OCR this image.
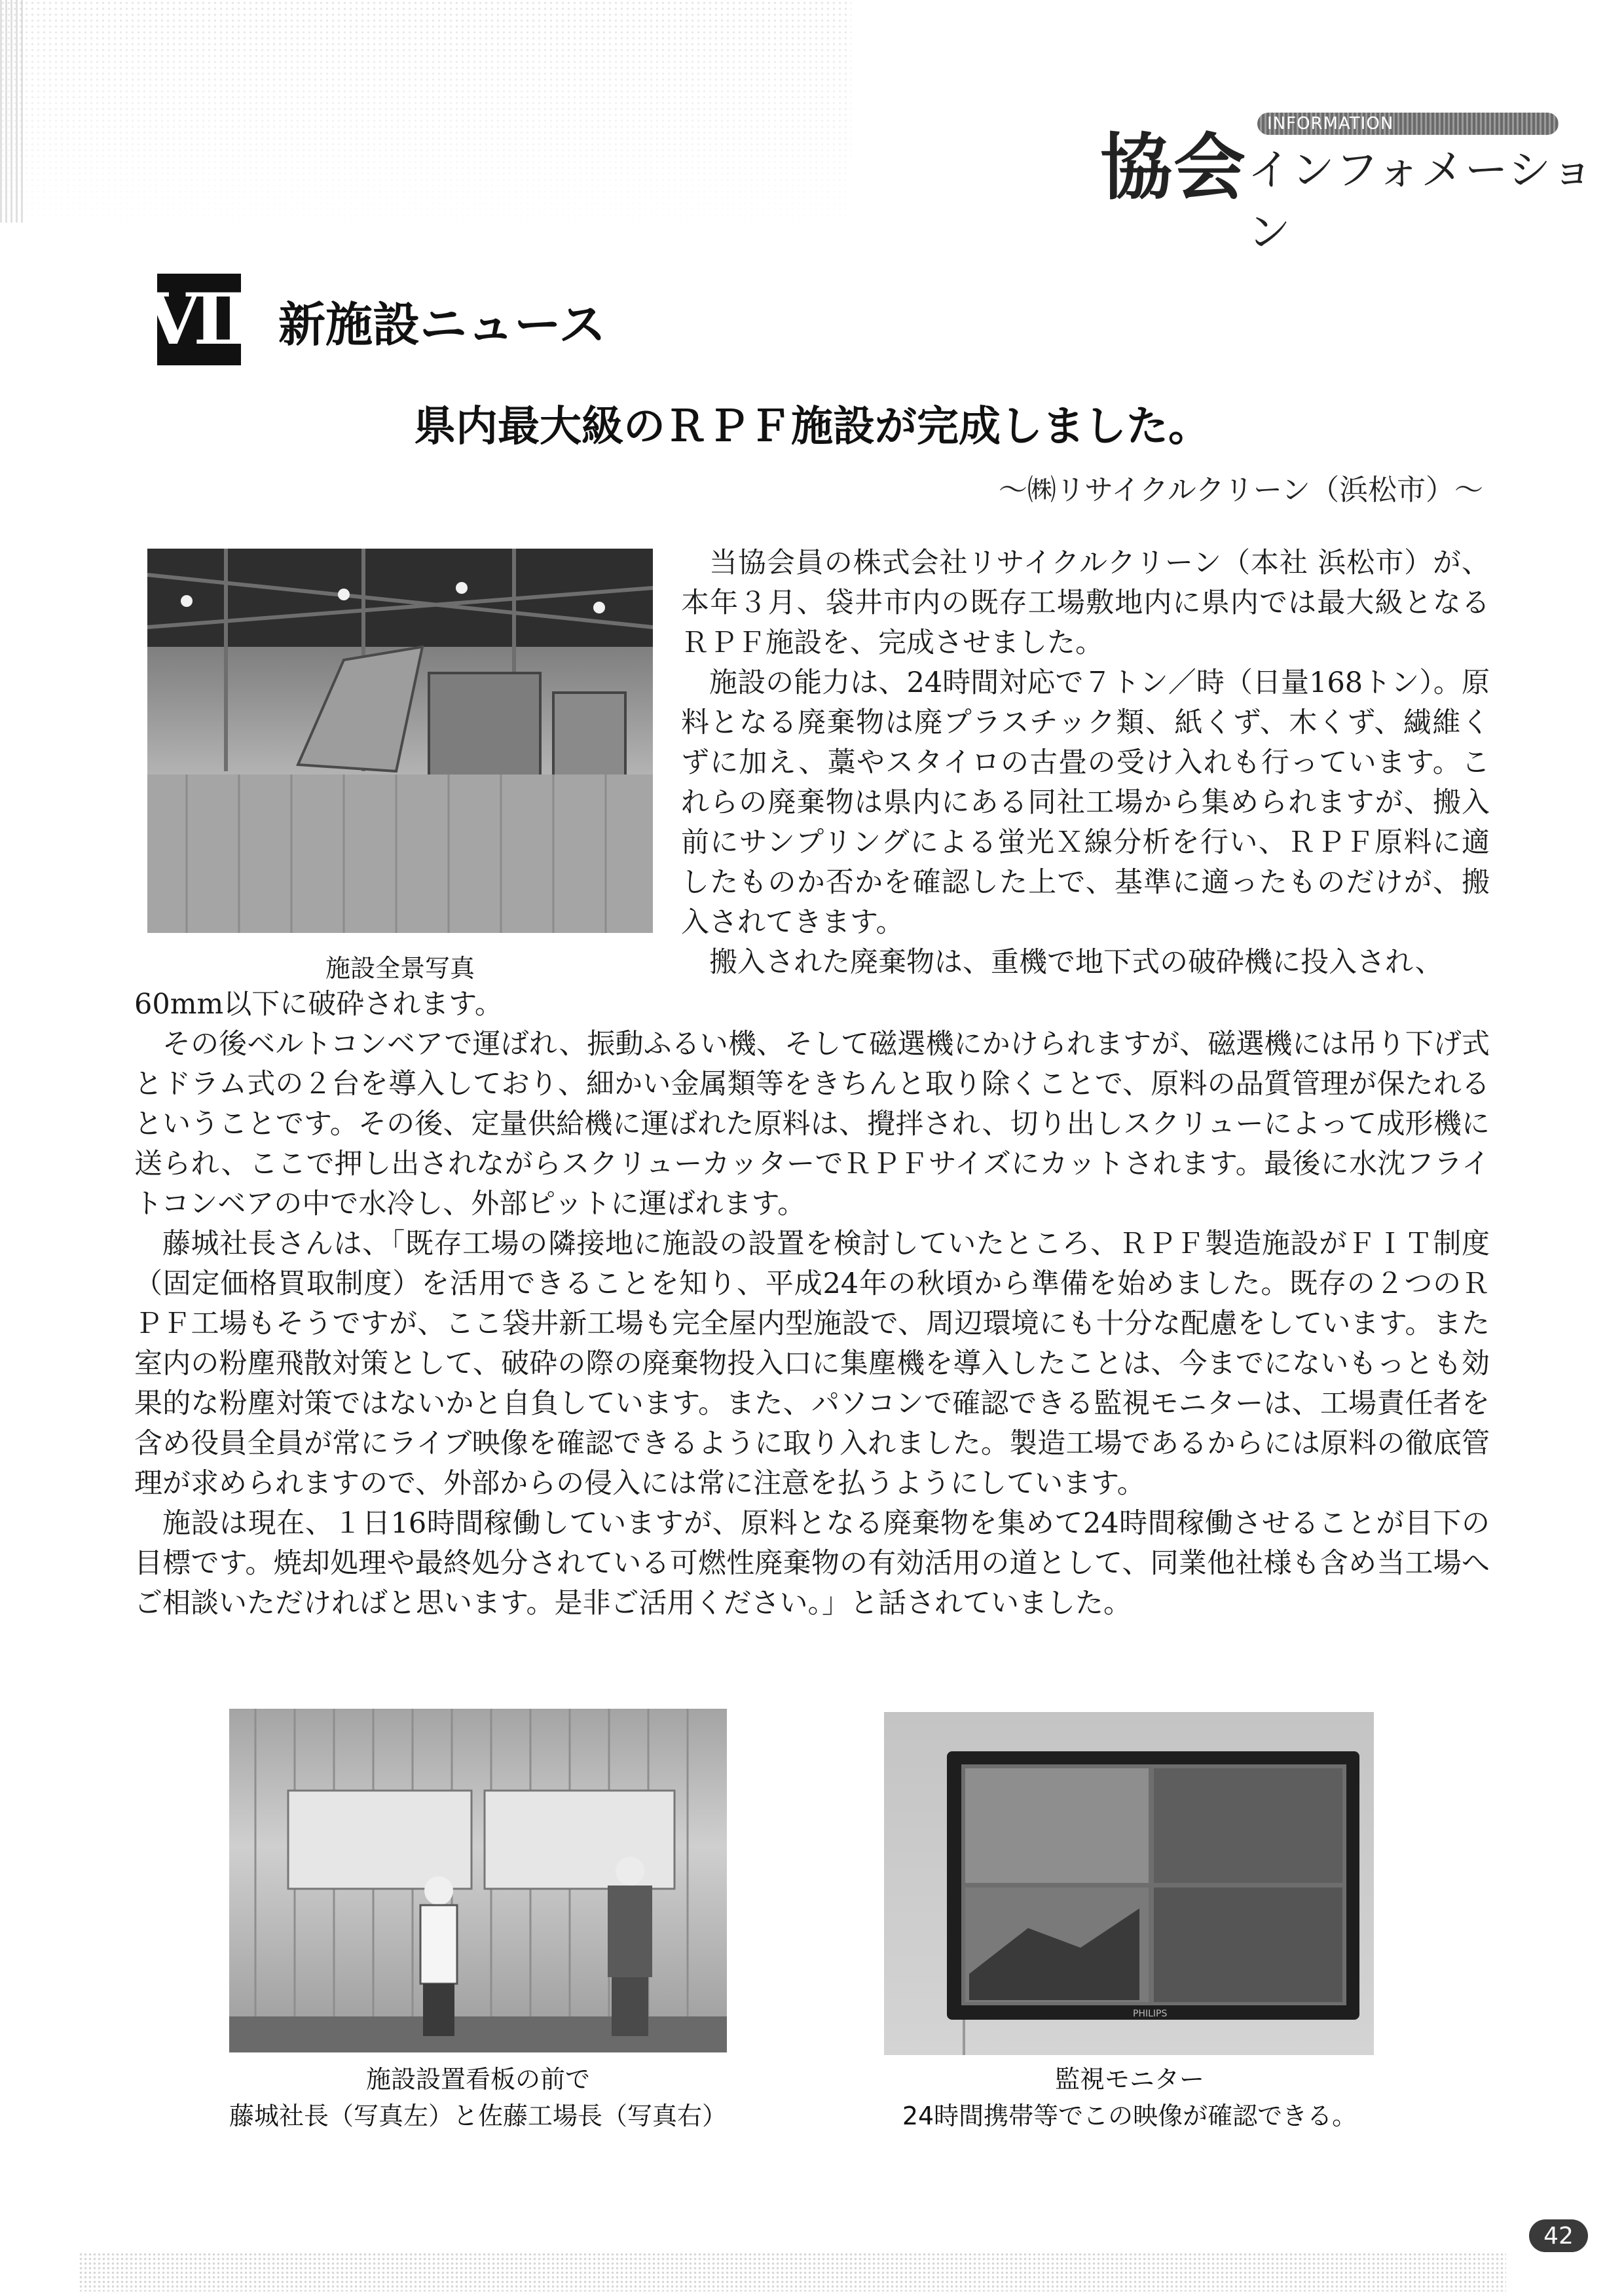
協会
INFORMATION
インフォメーション
Ⅶ 新施設ニュース
県内最大級のＲＰＦ施設が完成しました。
～㈱リサイクルクリーン（浜松市）～
施設全景写真

当協会員の株式会社リサイクルクリーン（本社 浜松市）が、本年３月、袋井市内の既存工場敷地内に県内では最大級となるＲＰＦ施設を、完成させました。

施設の能力は、24時間対応で７トン／時（日量168トン）。原料となる廃棄物は廃プラスチック類、紙くず、木くず、繊維くずに加え、藁やスタイロの古畳の受け入れも行っています。これらの廃棄物は県内にある同社工場から集められますが、搬入前にサンプリングによる蛍光Ｘ線分析を行い、ＲＰＦ原料に適したものか否かを確認した上で、基準に適ったものだけが、搬入されてきます。

搬入された廃棄物は、重機で地下式の破砕機に投入され、

60mm以下に破砕されます。

その後ベルトコンベアで運ばれ、振動ふるい機、そして磁選機にかけられますが、磁選機には吊り下げ式とドラム式の２台を導入しており、細かい金属類等をきちんと取り除くことで、原料の品質管理が保たれるということです。その後、定量供給機に運ばれた原料は、攪拌され、切り出しスクリューによって成形機に送られ、ここで押し出されながらスクリューカッターでＲＰＦサイズにカットされます。最後に水沈フライトコンベアの中で水冷し、外部ピットに運ばれます。

藤城社長さんは、「既存工場の隣接地に施設の設置を検討していたところ、ＲＰＦ製造施設がＦＩＴ制度（固定価格買取制度）を活用できることを知り、平成24年の秋頃から準備を始めました。既存の２つのＲＰＦ工場もそうですが、ここ袋井新工場も完全屋内型施設で、周辺環境にも十分な配慮をしています。また室内の粉塵飛散対策として、破砕の際の廃棄物投入口に集塵機を導入したことは、今までにないもっとも効果的な粉塵対策ではないかと自負しています。また、パソコンで確認できる監視モニターは、工場責任者を含め役員全員が常にライブ映像を確認できるように取り入れました。製造工場であるからには原料の徹底管理が求められますので、外部からの侵入には常に注意を払うようにしています。

施設は現在、１日16時間稼働していますが、原料となる廃棄物を集めて24時間稼働させることが目下の目標です。焼却処理や最終処分されている可燃性廃棄物の有効活用の道として、同業他社様も含め当工場へご相談いただければと思います。是非ご活用ください。」と話されていました。

施設設置看板の前で
藤城社長（写真左）と佐藤工場長（写真右）
PHILIPS
監視モニター
24時間携帯等でこの映像が確認できる。
42
